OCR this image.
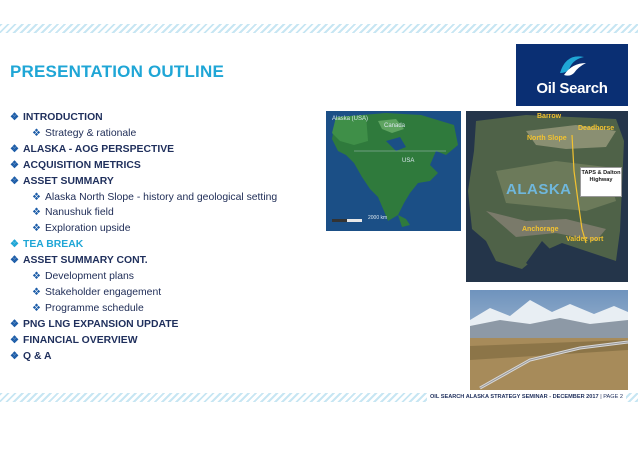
PRESENTATION OUTLINE
Oil Search
❖ INTRODUCTION
❖ Strategy & rationale
❖ ALASKA - AOG PERSPECTIVE
❖ ACQUISITION METRICS
❖ ASSET SUMMARY
❖ Alaska North Slope - history and geological setting
❖ Nanushuk field
❖ Exploration upside
❖ TEA BREAK
❖ ASSET SUMMARY CONT.
❖ Development plans
❖ Stakeholder engagement
❖ Programme schedule
❖ PNG LNG EXPANSION UPDATE
❖ FINANCIAL OVERVIEW
❖ Q & A
Alaska (USA)
Canada
USA
2000 km
ALASKA
Barrow
Deadhorse
North Slope
Anchorage
Valdez port
TAPS & Dalton Highway
OIL SEARCH ALASKA STRATEGY SEMINAR - DECEMBER 2017 | PAGE 2
